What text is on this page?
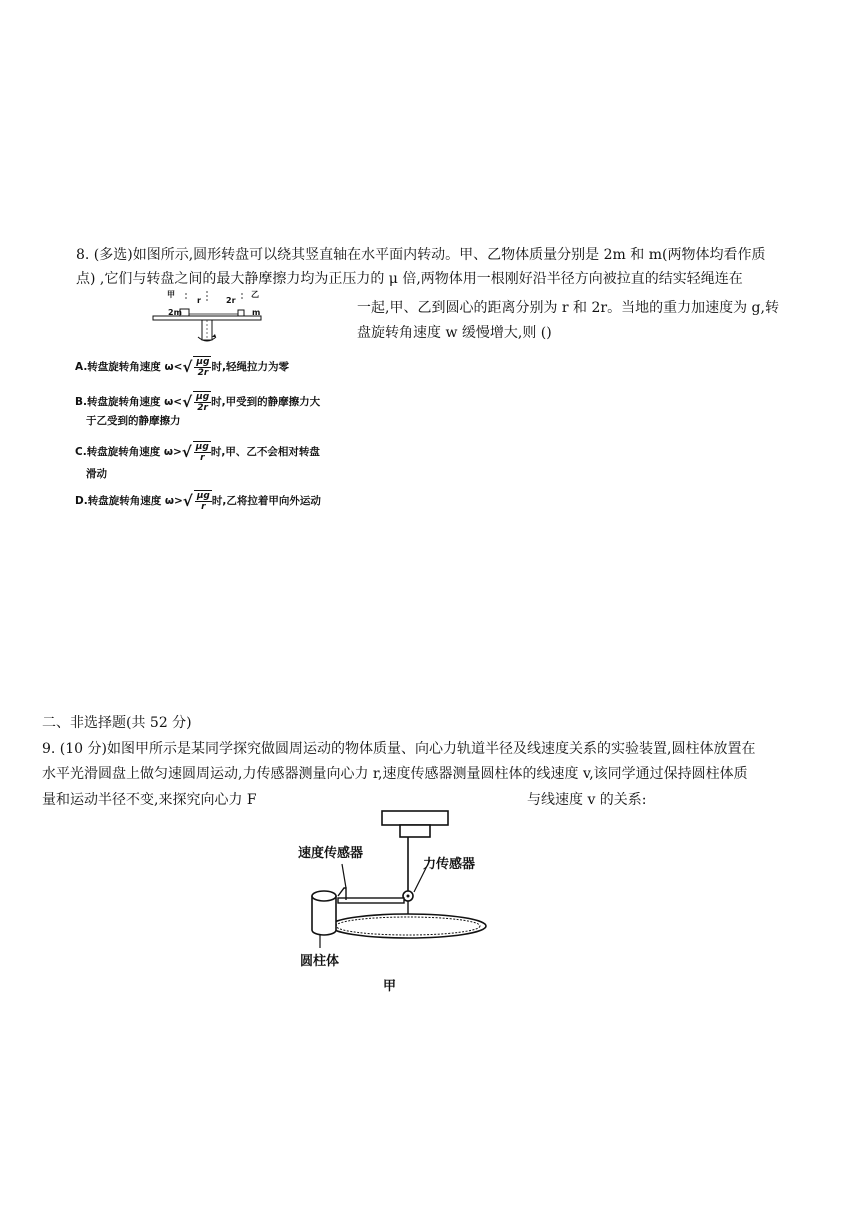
8. (多选)如图所示,圆形转盘可以绕其竖直轴在水平面内转动。甲、乙物体质量分别是 2m 和 m(两物体均看作质
点) ,它们与转盘之间的最大静摩擦力均为正压力的 μ 倍,两物体用一根刚好沿半径方向被拉直的结实轻绳连在
一起,甲、乙到圆心的距离分别为 r 和 2r。当地的重力加速度为 g,转
盘旋转角速度 w 缓慢增大,则 ()
甲
r	2r
乙
2m	m
A.转盘旋转角速度 $\omega<√ \frac{\mu g}{2r}$ 时,轻绳拉力为零
B.转盘旋转角速度 $\omega<√ \frac{\mu g}{2r}$ 时,甲受到的静摩擦力大
于乙受到的静摩擦力
C.转盘旋转角速度 $\omega>√ \frac{\mu g}{r}$ 时,甲、乙不会相对转盘
滑动
D.转盘旋转角速度 $\omega>√ \frac{\mu g}{r}$ 时,乙将拉着甲向外运动
二、非选择题(共 52 分)
9. (10 分)如图甲所示是某同学探究做圆周运动的物体质量、向心力轨道半径及线速度关系的实验装置,圆柱体放置在
水平光滑圆盘上做匀速圆周运动,力传感器测量向心力 r,速度传感器测量圆柱体的线速度 v,该同学通过保持圆柱体质
量和运动半径不变,来探究向心力 F	与线速度 v 的关系:
速度传感器
力传感器
圆柱体
甲
